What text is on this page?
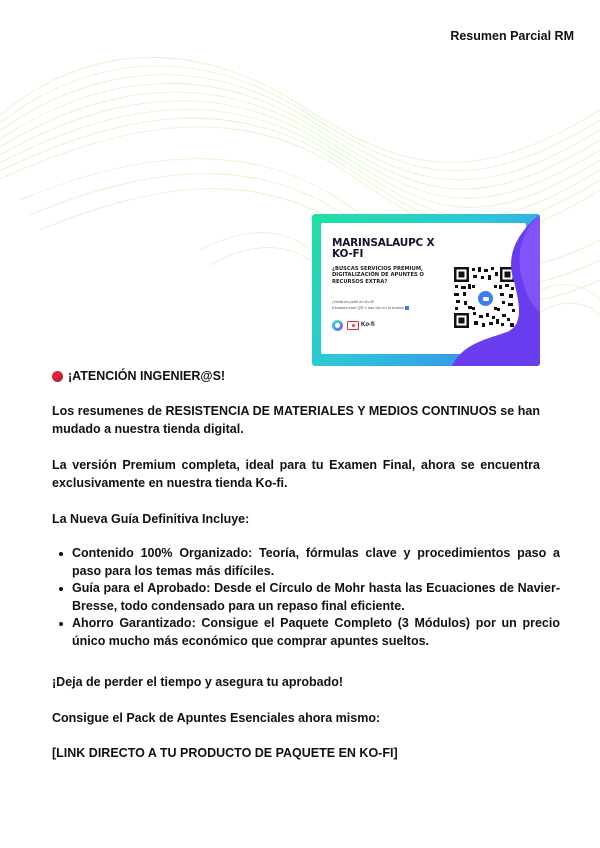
Resumen Parcial RM
MARINSALAUPC X KO-FI
¿BUSCAS SERVICIOS PREMIUM, DIGITALIZACIÓN DE APUNTES O RECURSOS EXTRA?
¡Visita mi perfil en Ko-fi!
Escanea este QR o haz clic en el enlace
Ko-fi
¡ATENCIÓN INGENIER@S!
Los resumenes de RESISTENCIA DE MATERIALES Y MEDIOS CONTINUOS se han mudado a nuestra tienda digital.
La versión Premium completa, ideal para tu Examen Final, ahora se encuentra exclusivamente en nuestra tienda Ko-fi.
La Nueva Guía Definitiva Incluye:
Contenido 100% Organizado: Teoría, fórmulas clave y procedimientos paso a paso para los temas más difíciles.
Guía para el Aprobado: Desde el Círculo de Mohr hasta las Ecuaciones de Navier-Bresse, todo condensado para un repaso final eficiente.
Ahorro Garantizado: Consigue el Paquete Completo (3 Módulos) por un precio único mucho más económico que comprar apuntes sueltos.
¡Deja de perder el tiempo y asegura tu aprobado!
Consigue el Pack de Apuntes Esenciales ahora mismo:
[LINK DIRECTO A TU PRODUCTO DE PAQUETE EN KO-FI]
